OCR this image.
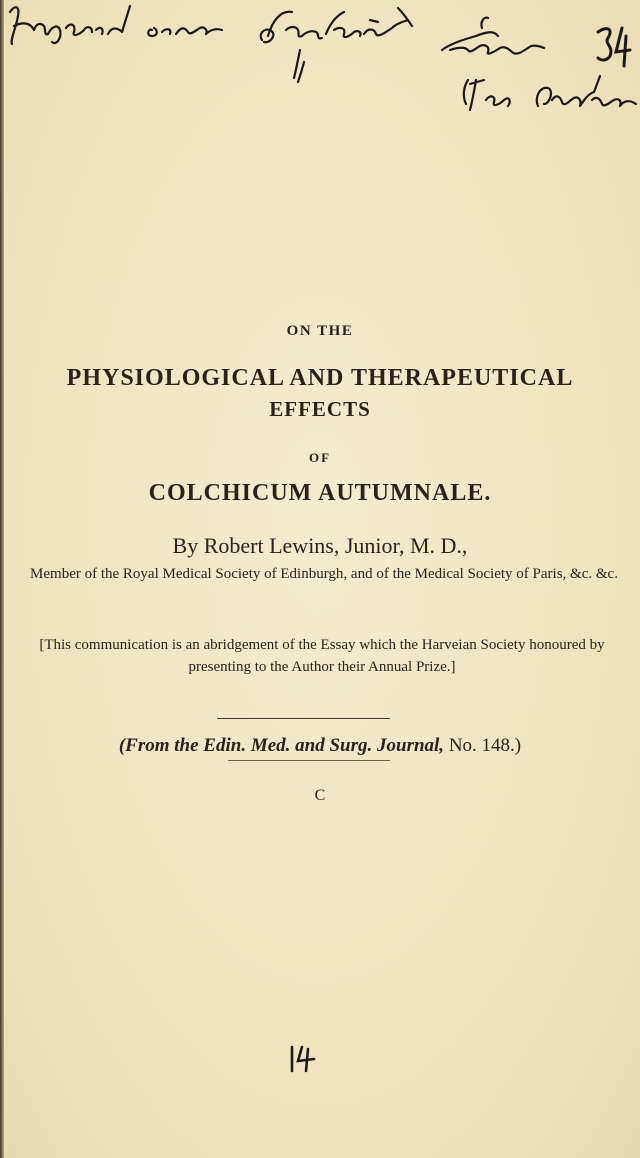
ON THE
PHYSIOLOGICAL AND THERAPEUTICAL
EFFECTS
OF
COLCHICUM AUTUMNALE.
By Robert Lewins, Junior, M. D.,
Member of the Royal Medical Society of Edinburgh, and of the Medical Society of Paris, &c. &c.
[This communication is an abridgement of the Essay which the Harveian Society honoured by presenting to the Author their Annual Prize.]
(From the Edin. Med. and Surg. Journal, No. 148.)
C
